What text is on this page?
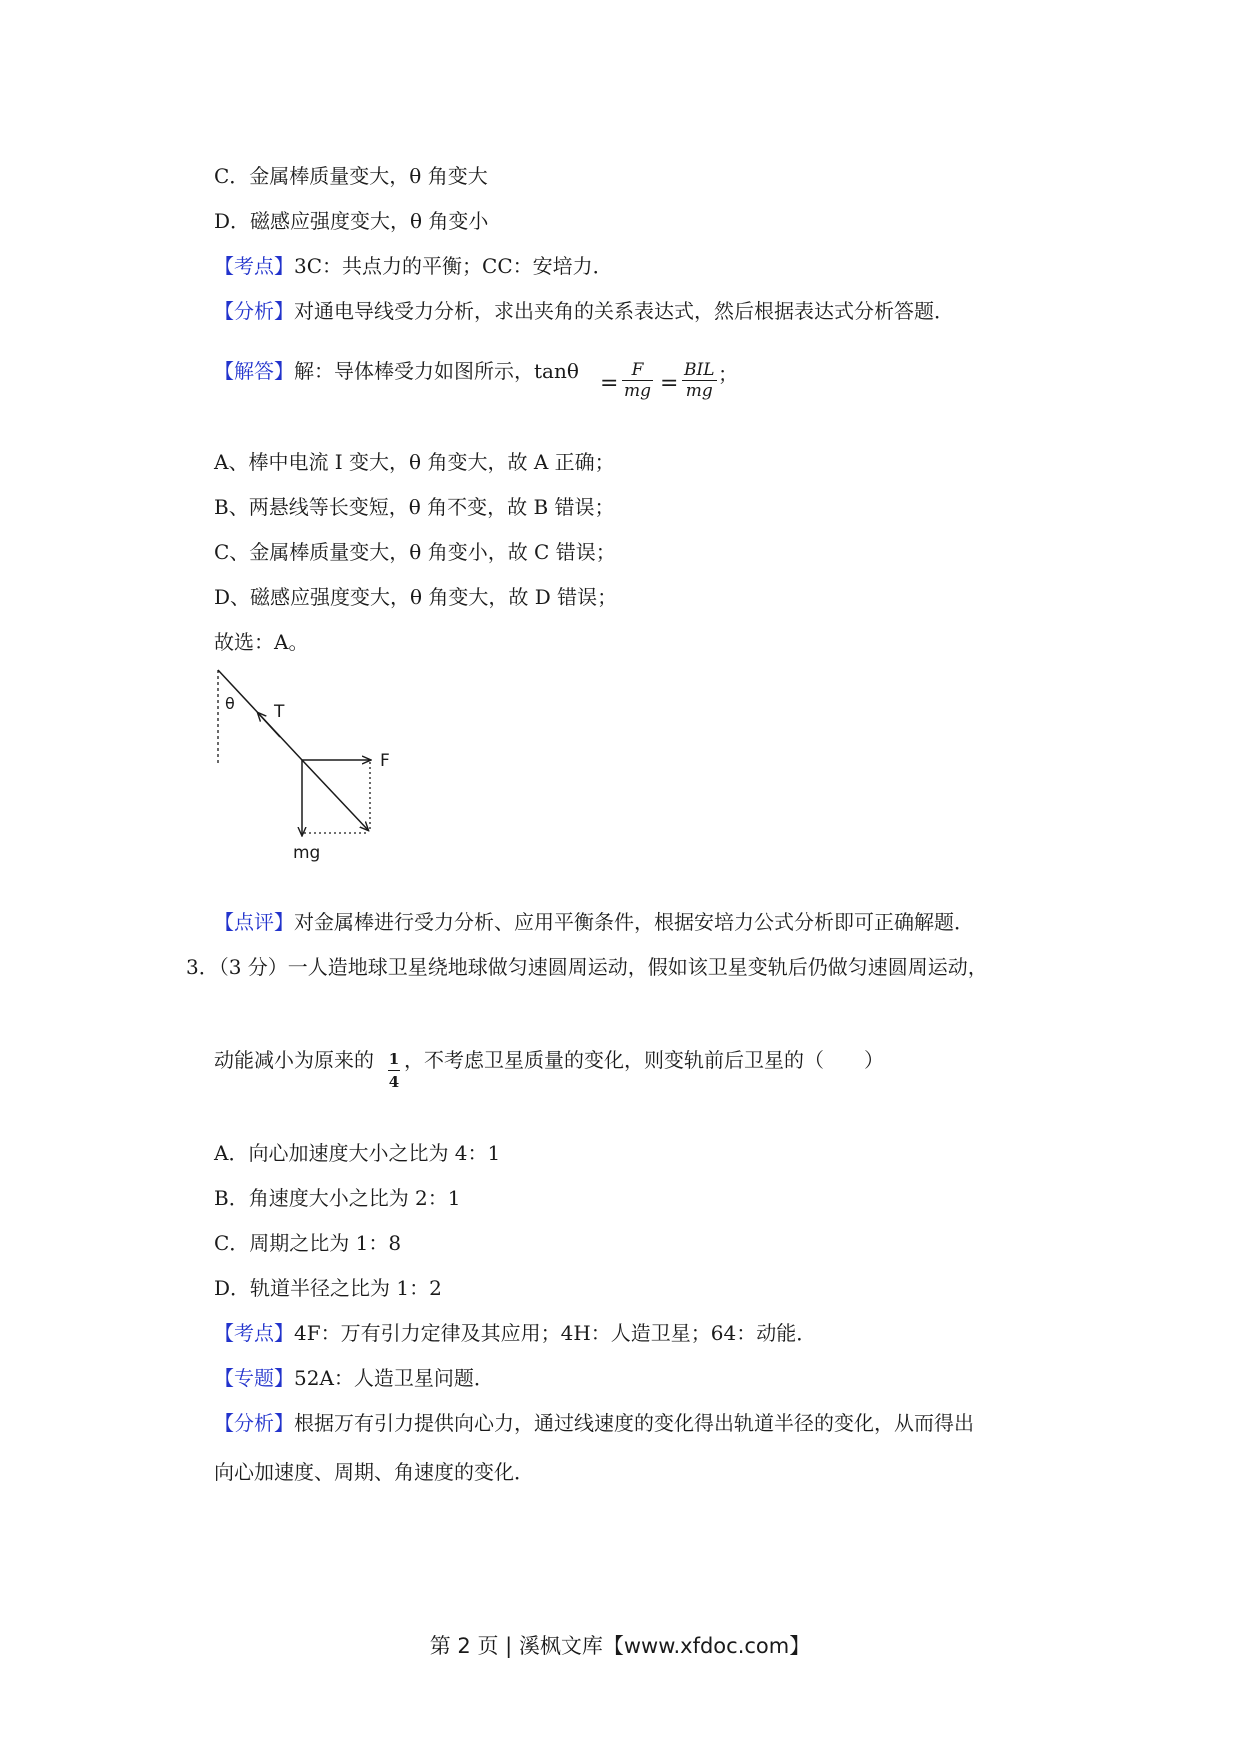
C．金属棒质量变大，θ 角变大
D．磁感应强度变大，θ 角变小
【考点】3C：共点力的平衡；CC：安培力．
【分析】对通电导线受力分析，求出夹角的关系表达式，然后根据表达式分析答题．
【解答】解：导体棒受力如图所示，tanθ =
F
mg =
BIL
mg
；
A、棒中电流 I 变大，θ 角变大，故 A 正确；
B、两悬线等长变短，θ 角不变，故 B 错误；
C、金属棒质量变大，θ 角变小，故 C 错误；
D、磁感应强度变大，θ 角变大，故 D 错误；
故选：A。
θ T
F
mg
【点评】对金属棒进行受力分析、应用平衡条件，根据安培力公式分析即可正确解题．
3．（3 分）一人造地球卫星绕地球做匀速圆周运动，假如该卫星变轨后仍做匀速圆周运动，
动能减小为原来的 1
4
，不考虑卫星质量的变化，则变轨前后卫星的（　　）
A．向心加速度大小之比为 4：1
B．角速度大小之比为 2：1
C．周期之比为 1：8
D．轨道半径之比为 1：2
【考点】4F：万有引力定律及其应用；4H：人造卫星；64：动能．
【专题】52A：人造卫星问题．
【分析】根据万有引力提供向心力，通过线速度的变化得出轨道半径的变化，从而得出
向心加速度、周期、角速度的变化．
第 2 页 | 溪枫文库【www.xfdoc.com】
